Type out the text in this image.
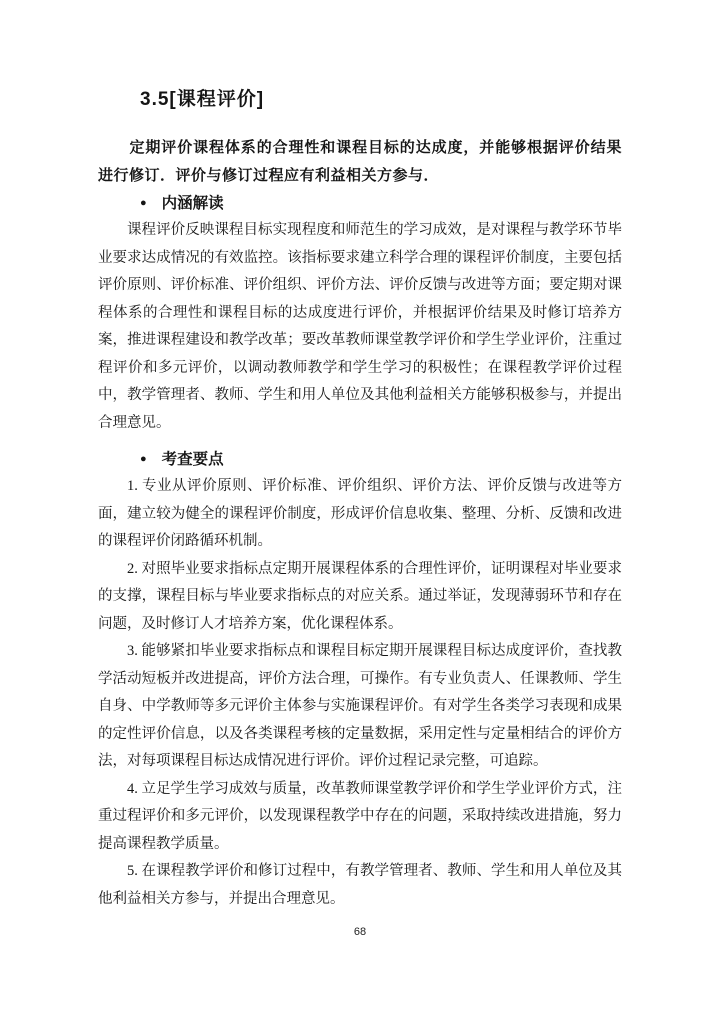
3.5[课程评价]

定期评价课程体系的合理性和课程目标的达成度，并能够根据评价结果进行修订．评价与修订过程应有利益相关方参与．

● 内涵解读

课程评价反映课程目标实现程度和师范生的学习成效，是对课程与教学环节毕业要求达成情况的有效监控。该指标要求建立科学合理的课程评价制度，主要包括评价原则、评价标准、评价组织、评价方法、评价反馈与改进等方面；要定期对课程体系的合理性和课程目标的达成度进行评价，并根据评价结果及时修订培养方案，推进课程建设和教学改革；要改革教师课堂教学评价和学生学业评价，注重过程评价和多元评价，以调动教师教学和学生学习的积极性；在课程教学评价过程中，教学管理者、教师、学生和用人单位及其他利益相关方能够积极参与，并提出合理意见。

● 考查要点

1. 专业从评价原则、评价标准、评价组织、评价方法、评价反馈与改进等方面，建立较为健全的课程评价制度，形成评价信息收集、整理、分析、反馈和改进的课程评价闭路循环机制。

2. 对照毕业要求指标点定期开展课程体系的合理性评价，证明课程对毕业要求的支撑，课程目标与毕业要求指标点的对应关系。通过举证，发现薄弱环节和存在问题，及时修订人才培养方案，优化课程体系。

3. 能够紧扣毕业要求指标点和课程目标定期开展课程目标达成度评价，查找教学活动短板并改进提高，评价方法合理，可操作。有专业负责人、任课教师、学生自身、中学教师等多元评价主体参与实施课程评价。有对学生各类学习表现和成果的定性评价信息，以及各类课程考核的定量数据，采用定性与定量相结合的评价方法，对每项课程目标达成情况进行评价。评价过程记录完整，可追踪。

4. 立足学生学习成效与质量，改革教师课堂教学评价和学生学业评价方式，注重过程评价和多元评价，以发现课程教学中存在的问题，采取持续改进措施，努力提高课程教学质量。

5. 在课程教学评价和修订过程中，有教学管理者、教师、学生和用人单位及其他利益相关方参与，并提出合理意见。

68
